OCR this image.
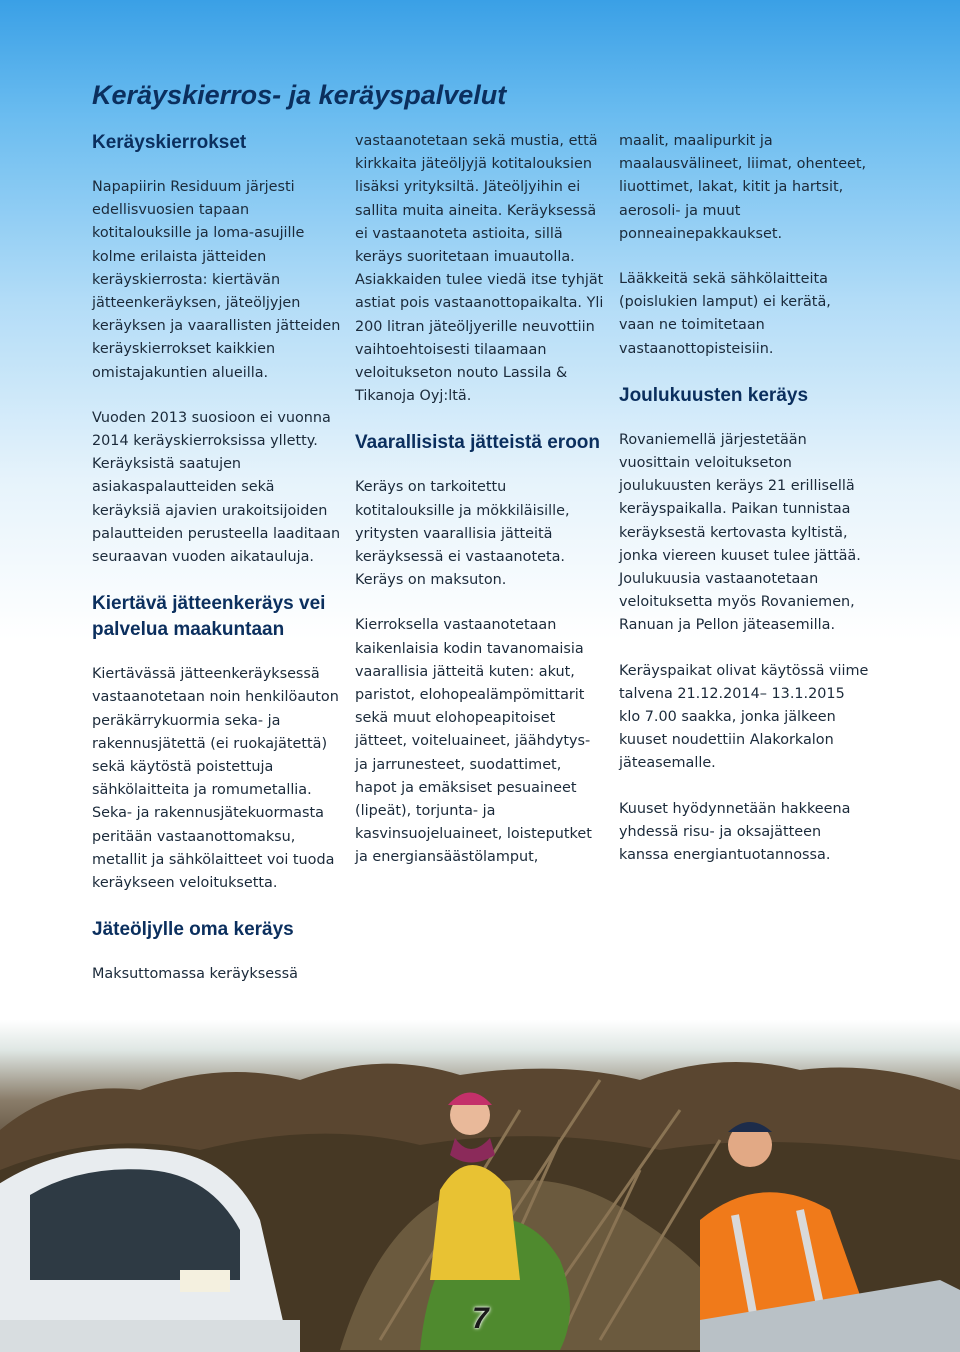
Keräyskierros- ja keräyspalvelut
Keräyskierrokset

Napapiirin Residuum järjesti edellisvuosien tapaan kotitalouksille ja loma-asujille kolme erilaista jätteiden keräyskierrosta: kiertävän jätteenkeräyksen, jäteöljyjen keräyksen ja vaarallisten jätteiden keräyskierrokset kaikkien omistajakuntien alueilla.

Vuoden 2013 suosioon ei vuonna 2014 keräyskierroksissa ylletty. Keräyksistä saatujen asiakaspalautteiden sekä keräyksiä ajavien urakoitsijoiden palautteiden perusteella laaditaan seuraavan vuoden aikatauluja.

Kiertävä jätteenkeräys vei palvelua maakuntaan

Kiertävässä jätteenkeräyksessä vastaanotetaan noin henkilöauton peräkärrykuormia seka- ja rakennusjätettä (ei ruokajätettä) sekä käytöstä poistettuja sähkölaitteita ja romumetallia. Seka- ja rakennusjätekuormasta peritään vastaanottomaksu, metallit ja sähkölaitteet voi tuoda keräykseen veloituksetta.

Jäteöljylle oma keräys

Maksuttomassa keräyksessä

vastaanotetaan sekä mustia, että kirkkaita jäteöljyjä kotitalouksien lisäksi yrityksiltä. Jäteöljyihin ei sallita muita aineita. Keräyksessä ei vastaanoteta astioita, sillä keräys suoritetaan imuautolla. Asiakkaiden tulee viedä itse tyhjät astiat pois vastaanottopaikalta. Yli 200 litran jäteöljyerille neuvottiin vaihtoehtoisesti tilaamaan veloitukseton nouto Lassila & Tikanoja Oyj:ltä.

Vaarallisista jätteistä eroon

Keräys on tarkoitettu kotitalouksille ja mökkiläisille, yritysten vaarallisia jätteitä keräyksessä ei vastaanoteta. Keräys on maksuton.

Kierroksella vastaanotetaan kaikenlaisia kodin tavanomaisia vaarallisia jätteitä kuten: akut, paristot, elohopealämpömittarit sekä muut elohopeapitoiset jätteet, voiteluaineet, jäähdytys- ja jarrunesteet, suodattimet, hapot ja emäksiset pesuaineet (lipeät), torjunta- ja kasvinsuojeluaineet, loisteputket ja energiansäästölamput,

maalit, maalipurkit ja maalausvälineet, liimat, ohenteet, liuottimet, lakat, kitit ja hartsit, aerosoli- ja muut ponneainepakkaukset.

Lääkkeitä sekä sähkölaitteita (poislukien lamput) ei kerätä, vaan ne toimitetaan vastaanottopisteisiin.

Joulukuusten keräys

Rovaniemellä järjestetään vuosittain veloitukseton joulukuusten keräys 21 erillisellä keräyspaikalla. Paikan tunnistaa keräyksestä kertovasta kyltistä, jonka viereen kuuset tulee jättää. Joulukuusia vastaanotetaan veloituksetta myös Rovaniemen, Ranuan ja Pellon jäteasemilla.

Keräyspaikat olivat käytössä viime talvena 21.12.2014– 13.1.2015 klo 7.00 saakka, jonka jälkeen kuuset noudettiin Alakorkalon jäteasemalle.

Kuuset hyödynnetään hakkeena yhdessä risu- ja oksajätteen kanssa energiantuotannossa.

7
